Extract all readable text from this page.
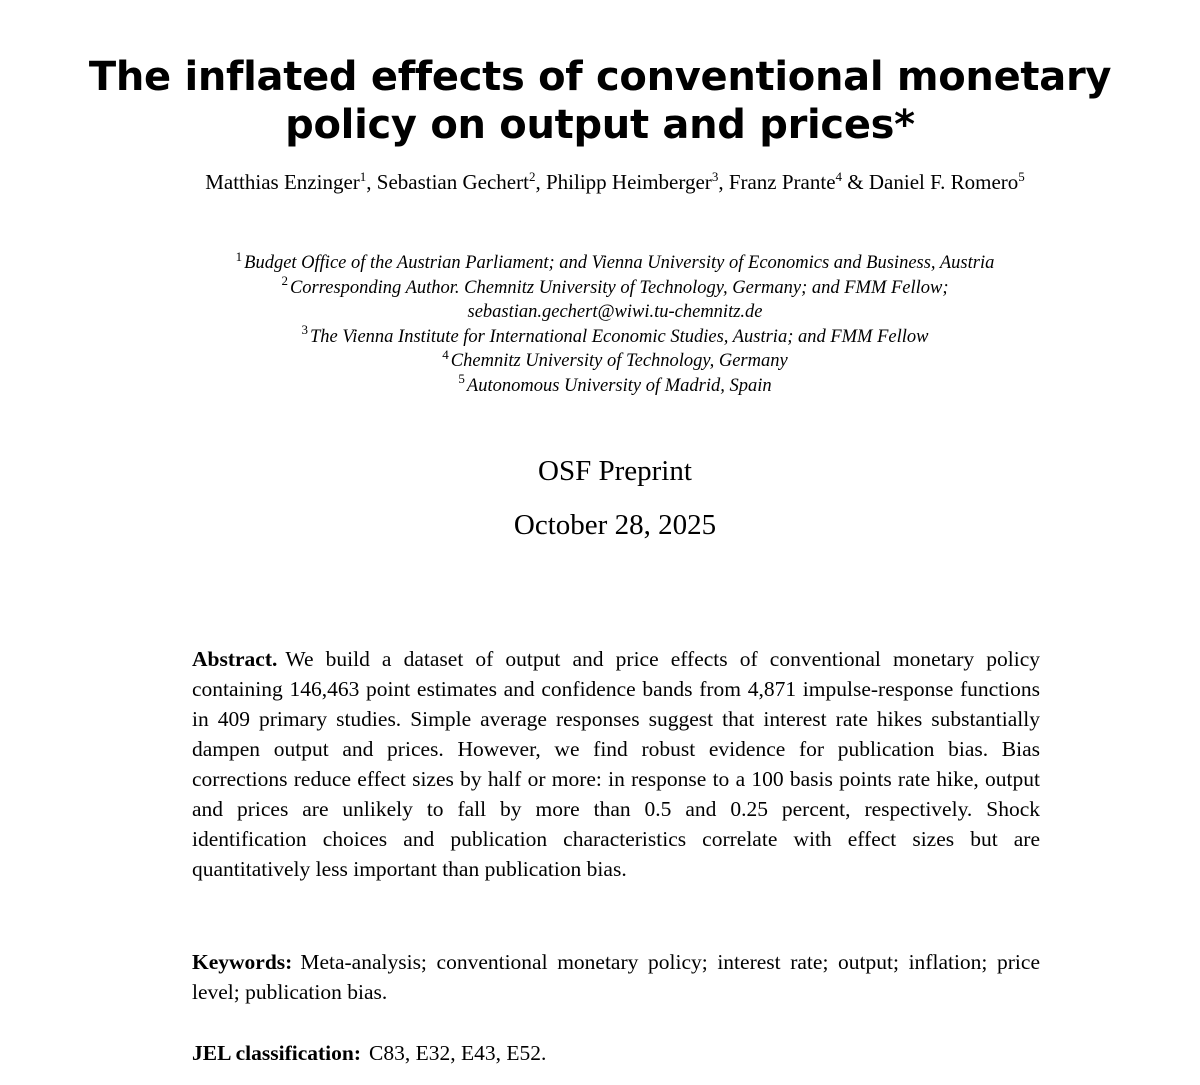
The inflated effects of conventional monetary
policy on output and prices*
Matthias Enzinger$^1$, Sebastian Gechert$^2$, Philipp Heimberger$^3$, Franz Prante$^4$ & Daniel F. Romero$^5$
$^1$ Budget Office of the Austrian Parliament; and Vienna University of Economics and Business, Austria
$^2$ Corresponding Author. Chemnitz University of Technology, Germany; and FMM Fellow;
sebastian.gechert@wiwi.tu-chemnitz.de
$^3$ The Vienna Institute for International Economic Studies, Austria; and FMM Fellow
$^4$ Chemnitz University of Technology, Germany
$^5$ Autonomous University of Madrid, Spain
OSF Preprint
October 28, 2025

Abstract. We build a dataset of output and price effects of conventional monetary policy containing 146,463 point estimates and confidence bands from 4,871 impulse-response functions in 409 primary studies. Simple average responses suggest that interest rate hikes substantially dampen output and prices. However, we find robust evidence for publication bias. Bias corrections reduce effect sizes by half or more: in response to a 100 basis points rate hike, output and prices are unlikely to fall by more than 0.5 and 0.25 percent, respectively. Shock identification choices and publication characteristics correlate with effect sizes but are quantitatively less important than publication bias.

Keywords: Meta-analysis; conventional monetary policy; interest rate; output; inflation; price level; publication bias.

JEL classification: C83, E32, E43, E52.
